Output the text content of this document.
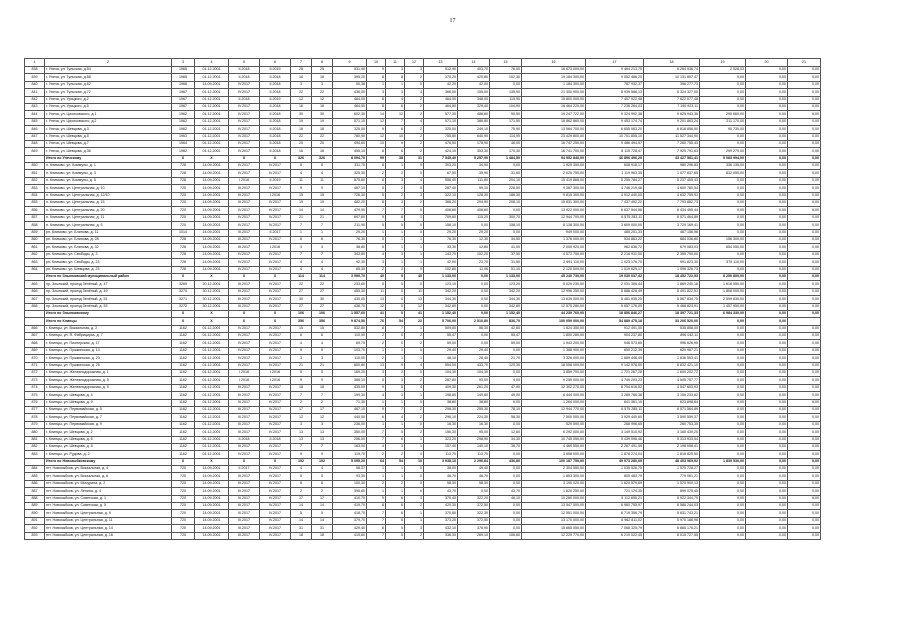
17
1	2	3	4	5	6	7	8	9	10	11	12	13	14	15	16	17	18	19	20	21
838	г. Унеча, ул. Тульская, д.54	1965	01.12.2001	II.2018	II.2019	25	25	531,90	9	3	3	512,90	403,70	76,00	16 673 000,00	9 464 213,75	6 264 936,74	2 528,03	0,00	0,00
839	г. Унеча, ул. Тульская, д.58	1965	01.12.2001	II.2018	II.2018	18	18	395,20	8	8	2	370,20	420,80	102,30	19 184 300,00	9 052 486,20	10 131 807,47	0,00	0,00	0,00
840	г. Унеча, ул. Тульская, д.62	1966	14.09.2001	IV.2017	II.2018	3	3	50,38	1	1	0	42,20	42,00	0,00	1 184 300,00	787 932,37	396 277,73	0,00	0,00	0,00
841	г. Унеча, ул. Тульская, д.72	1967	01.12.2001	IV.2017	II.2018	22	22	436,00	3	3	4	366,00	155,00	135,90	21 300 900,00	8 939 586,13	6 324 327,00	0,00	0,00	0,00
842	г. Унеча, ул. Урицкого, д.2	1967	01.12.2001	II.2018	II.2019	12	12	464,00	8	4	2	464,00	348,00	115,90	15 800 000,00	7 457 922,48	7 622 077,48	0,00	0,00	0,00
843	г. Унеча, ул. Урицкого, д.5	1967	01.12.2001	IV.2017	II.2018	16	16	464,50	8	6	2	464,50	329,40	104,90	16 464 220,00	7 236 264,03	7 190 923,11	0,00	0,00	0,00
844	г. Унеча, ул. Циолковского, д.1	1962	01.12.2001	IV.2017	II.2018	30	30	602,30	14	12	2	577,30	486,60	90,50	19 247 722,00	9 324 992,38	9 625 943,36	290 660,00	0,00	0,00
845	г. Унеча, ул. Циолковского, д.2	1962	01.12.2001	IV.2017	II.2018	19	19	571,10	12	7	4	571,10	386,80	171,50	18 862 860,00	9 453 174,74	9 201 863,24	211 170,00	0,00	0,00
846	г. Унеча, ул. Шевцова, д.3	1962	01.12.2001	IV.2017	II.2018	18	18	325,00	9	6	2	325,00	249,10	75,90	13 564 700,00	6 655 063,20	6 818 856,50	90 730,00	0,00	0,00
847	г. Унеча, ул. Шевцова, д.5	1963	01.12.2001	IV.2017	II.2018	22	22	780,90	12	10	2	755,80	640,90	114,90	23 429 800,00	10 701 855,10	11 527 344,90	0,00	0,00	0,00
848	г. Унеча, ул. Шевцова, д.7	1964	01.12.2001	IV.2017	II.2018	20	20	494,60	10	9	2	476,50	178,90	46,00	16 747 250,00	9 486 494,57	7 260 755,43	0,00	0,00	0,00
849	г. Унеча, ул. Шевцова, д.36	1962	01.12.2001	IV.2017	II.2018	16	16	455,10	6	6	2	424,10	353,30	170,30	16 741 700,00	8 115 728,47	7 925 791,63	299 279,00	0,00	0,00
	Итого по Унечскому	X	X	X	X	326	326	8 094,70	99	38	31	7 545,40	5 257,90	1 484,50	94 952 840,00	46 896 496,29	43 427 581,41	5 083 994,00	0,00	0,00
850	п. Климово, ул. Коммуны, д. 1	728	14.09.2001	IV.2017	IV.2017	8	8	311,70	8	1	0	303,20	34,90	0,00	1 925 350,00	608 918,17	980 296,83	336 135,00	0,00	0,00
851	п. Климово, ул. Коммуны, д. 3	728	14.09.2001	IV.2017	IV.2017	4	4	325,30	2	2	0	67,50	35,90	31,60	2 025 750,00	1 119 963,35	1 077 837,65	832 050,00	0,00	0,00
852	п. Климово, ул. Коммуны, д. 5	728	14.09.2001	I.2018	II.2019	11	11	575,60	6	3	4	556,40	111,80	204,10	15 419 868,00	5 255 784,27	5 237 455,43	0,00	0,00	0,00
853	п. Климово, ул. Центральная, д. 10	720	14.09.2001	III.2017	IV.2017	9	9	467,10	5	2	5	287,40	99,10	228,50	9 367 300,00	4 746 219,46	4 600 780,54	0,00	0,00	0,00
854	п. Климово, ул. Центральная, д. 12/10	720	14.09.2001	III.2017	I.2018	15	15	726,30	5	2	3	322,10	128,30	186,30	9 815 300,00	4 912 440,00	4 632 759,91	0,00	0,00	0,00
855	п. Климово, ул. Центральная, д. 15	720	14.09.2001	III.2017	IV.2017	19	19	482,20	8	3	2	368,20	294,90	208,10	15 831 300,00	7 437 492,22	7 793 882,73	0,00	0,00	0,00
856	п. Климово, ул. Центральная, д. 20	720	14.09.2001	IV.2017	IV.2017	14	14	479,90	7	7	0	406,60	406,60	0,00	13 922 000,00	6 637 544,56	6 434 455,44	0,00	0,00	0,00
857	п. Климово, ул. Центральная, д. 11	720	14.09.2001	IV.2017	IV.2017	21	21	697,60	9	8	1	709,60	115,20	300,70	12 944 700,00	6 575 283,11	6 571 464,89	0,00	0,00	0,00
858	п. Климово, ул. Центральная, д. 5	720	14.09.2001	IV.2017	IV.2017	7	7	211,90	5	5	0	158,10	0,00	158,10	8 138 300,00	3 609 000,00	3 729 169,41	0,00	0,00	0,00
859	рп. Климово, ул. Блинова, д. 11	1014	14.09.2001	III.2017	II.2017	1	1	29,20	1	1	0	29,20	29,20	0,00	949 000,00	485 201,33	467 156,96	0,00	0,00	0,00
860	рп. Климово, ул. Блинова, д. 28	728	14.09.2001	III.2017	IV.2017	6	6	76,30	5	1	1	76,30	12,30	34,50	1 376 000,00	534 863,22	684 036,80	156 300,00	0,00	0,00
861	рп. Климово, ул. Блинова, д. 32	728	14.09.2001	III.2017	I.2018	3	3	38,80	5	1	1	33,30	12,80	41,00	2 005 920,00	962 636,72	679 083,03	654 050,00	0,00	0,00
862	рп. Климово, ул. Свободы, д. 3	728	14.09.2001	IV.2017	IV.2017	7	7	343,80	4	3	1	143,70	102,20	37,50	4 572 750,00	2 216 931,00	2 355 790,00	0,00	0,00	0,00
863	рп. Климово, ул. Свободы, д. 23	728	14.09.2001	IV.2017	IV.2017	4	4	92,30	3	1	1	42,00	23,70	31,50	2 691 110,00	1 023 176,70	991 823,30	575 110,00	0,00	0,00
864	рп. Климово, ул. Шевцова, д. 23	728	14.09.2001	IV.2017	IV.2017	4	4	65,30	2	2	0	102,80	11,06	51,10	2 120 000,00	1 019 629,17	1 096 326,73	0,00	0,00	0,00
	Итого по Злынковский муниципальный район	X	X	X	X	114	114	3 999,70	40	9	40	1 133,00	0,00	1 133,00	45 240 730,00	19 030 037,42	18 452 722,53	8 250 800,00	0,00	0,00
865	пр. Злынский, проезд Зелёный, д. 47	3269	20.12.2001	III.2017	IV.2017	22	22	233,60	5	5	0	123,10	0,00	123,20	5 029 230,00	2 031 306,44	1 869 240,16	1 618 550,00	0,00	0,00
866	пр. Злынский, проезд Зелёный, д. 49	3270	30.12.2001	III.2017	IV.2017	27	27	455,30	11	0	11	342,20	0,00	342,20	12 996 250,00	5 686 428,49	5 491 822,51	1 808 000,00	0,00	0,00
867	пр. Злынский, проезд Зелёный, д. 51	3271	30.12.2001	III.2017	IV.2017	30	30	430,00	13	0	13	344,30	0,00	344,30	13 639 000,00	5 481 935,25	5 567 834,75	2 599 830,00	0,00	0,00
868	пр. Злынский, проезд Зелёный, д. 53	3272	30.12.2001	III.2017	IV.2017	27	27	438,70	12	0	12	342,80	0,00	342,80	12 575 280,00	5 657 176,09	5 468 823,91	1 457 950,00	0,00	0,00
	Итого по Злынковскому	X	X	X	X	106	106	1 557,60	41	0	41	1 152,40	0,00	1 152,40	44 239 760,00	18 856 846,27	18 397 721,33	6 984 330,00	0,00	0,00
	Итого по Клинцы	X	X	X	X	356	356	9 874,50	76	54	22	5 706,00	2 510,80	836,70	100 059 000,00	54 889 475,18	33 206 520,00	0,00	0,00	
866	г. Клинцы, ул. Вокзальная, д. 2	1162	01.12.2001	IV.2017	IV.2017	15	15	532,80	8	7	1	509,80	56,30	42,60	1 824 350,00	912 491,00	535 858,00	0,00	0,00	0,00
867	г. Клинцы, ул. Я. Фабрициуса, д. 7	1162	01.12.2001	IV.2017	IV.2017	6	6	110,90	2	0	2	55,47	0,00	55,47	1 800 280,00	904 237,80	896 042,11	0,00	0,00	0,00
868	г. Клинцы, ул. Пионерская, д. 17	1162	01.12.2001	IV.2017	IV.2017	4	4	69,70	2	0	2	59,00	0,00	59,00	1 943 200,00	946 573,65	996 626,95	0,00	0,00	0,00
869	г. Клинцы, ул. Пушкинская, д. 14	1162	01.12.2001	IV.2017	IV.2017	5	5	103,70	1	1	0	29,40	29,40	0,00	1 388 900,00	650 212,39	620 987,21	0,00	0,00	0,00
870	г. Клинцы, ул. Пушкинская, д. 23	1162	01.12.2001	IV.2017	IV.2017	3	3	110,00	2	1	1	48,10	26,40	21,70	3 326 000,00	1 689 446,49	1 636 553,41	0,00	0,00	0,00
871	г. Клинцы, ул. Пушкинская, д. 25	1162	01.12.2001	IV.2017	IV.2017	21	21	600,80	13	9	4	554,00	433,70	120,30	18 058 000,00	9 142 578,50	8 832 421,10	0,00	0,00	0,00
872	г. Клинцы, ул. Железнодорожная, д. 1	1162	01.12.2001	I.2018	I.2018	5	5	169,20	3	2	0	104,30	104,30	0,00	3 859 700,00	1 721 267,28	1 600 202,72	0,00	0,00	0,00
873	г. Клинцы, ул. Железнодорожная, д. 5	1162	01.12.2001	I.2018	I.2018	9	9	385,10	5	3	2	287,80	93,00	4,00	9 255 000,00	4 749 203,23	4 505 757,77	0,00	0,00	0,00
874	г. Клинцы, ул. Железнодорожная, д. 9	1162	01.12.2001	III.2017	IV.2017	18	18	435,09	9	5	4	409,30	261,20	47,90	12 302 270,00	6 754 616,52	4 547 653,93	0,00	0,00	0,00
875	г. Клинцы, ул. Шевцова, д. 4	1162	01.12.2001	III.2017	IV.2017	7	7	199,30	4	3	1	198,80	149,80	49,00	6 444 000,00	3 289 766,38	3 150 233,62	0,00	0,00	0,00
876	г. Клинцы, ул. Шевцова, д. 9	1162	01.12.2001	III.2017	IV.2017	2	2	71,30	1	1	0	38,80	38,80	0,00	1 264 000,00	641 361,10	623 698,84	0,00	0,00	0,00
877	г. Клинцы, ул. Первомайская, д. 5	1162	01.12.2001	III.2017	IV.2017	17	17	467,10	9	7	2	298,30	255,30	78,10	12 944 770,00	6 575 285,11	6 571 564,89	0,00	0,00	0,00
878	г. Клинцы, ул. Первомайская, д. 7	1162	01.12.2001	III.2017	IV.2017	12	12	440,50	6	4	2	296,10	224,30	58,30	7 500 000,00	3 929 440,60	3 590 559,37	0,00	0,00	0,00
879	г. Клинцы, ул. Первомайская, д. 9	1162	01.12.2001	III.2017	IV.2017	3	3	236,00	1	1	0	16,30	16,30	0,00	529 590,00	268 996,65	260 753,35	0,00	0,00	0,00
880	г. Клинцы, ул. Шевцова, д. 2	1162	01.12.2001	III.2017	IV.2017	13	13	350,00	7	5	2	156,30	95,00	12,60	6 292 000,00	3 149 510,92	3 160 439,20	0,00	0,00	0,00
881	г. Клинцы, ул. Шевцова, д. 6	1162	01.12.2001	II.2018	II.2018	13	13	256,00	7	6	1	323,20	298,90	34,30	10 745 050,00	5 439 096,46	5 313 933,54	0,00	0,00	0,00
882	г. Клинцы, ул. Шевцова, д. 8	1162	01.12.2001	III.2017	IV.2017	7	7	163,00	4	3	1	157,40	140,10	36,70	4 469 550,00	2 267 491,59	2 198 058,41	0,00	0,00	0,00
883	г. Клинцы, ул. Рудова, д. 2	1162	01.12.2001	IV.2017	IV.2017	9	9	119,70	2	2	0	113,70	113,70	0,00	3 658 000,00	1 876 274,04	1 816 825,50	0,00	0,00	0,00
	Итого по Новозыбковскому	X	X	X	X	192	192	5 095,20	64	54	10	3 938,10	2 296,84	436,80	100 187 750,00	49 973 280,09	48 403 969,92	1 839 530,00	0,00	0,00
884	пгт. Новозыбков, ул. Вокзальная, д. 4	720	14.09.2001	II.2017	IV.2017	4	4	58,37	1	1	0	38,00	49,40	0,00	2 304 550,00	1 035 526,75	1 575 728,27	0,00	0,00	0,00
885	пгт. Новозыбков, ул. Вокзальная, д. 6	720	14.09.2001	III.2017	IV.2017	5	5	93,30	1	1	0	48,70	48,70	0,00	1 853 300,00	805 483,79	779 061,21	0,00	0,00	0,00
886	пгт. Новозыбков, ул. Мичурина, д. 2	720	14.09.2001	III.2017	IV.2017	6	6	100,30	2	2	0	58,30	58,30	0,00	3 190 020,00	1 620 579,69	1 570 900,13	0,00	0,00	0,00
887	пгт. Новозыбков, ул. Ленина, д. 4	720	14.09.2001	III.2017	IV.2017	2	2	395,60	1	1	0	43,70	0,00	43,70	1 620 250,00	721 174,35	899 075,45	0,00	0,00	0,00
888	пгт. Новозыбков, ул. Советская, д. 1	720	14.09.2001	III.2017	IV.2017	17	17	410,70	9	6	3	370,40	322,20	48,10	10 280 000,00	5 112 655,21	5 922 344,79	0,00	0,00	0,00
889	пгт. Новозыбков, ул. Советская, д. 5	720	14.09.2001	III.2017	IV.2017	14	14	419,70	8	6	2	420,30	372,50	0,00	13 547 000,00	6 960 755,97	6 586 244,03	0,00	0,00	0,00
890	пгт. Новозыбков, ул. Центральная, д. 9	720	14.09.2001	III.2017	IV.2017	5	5	418,70	7	6	1	370,80	322,30	0,00	12 551 000,00	6 719 356,79	5 831 743,21	0,00	0,00	0,00
891	пгт. Новозыбков, ул. Центральная, д. 11	720	14.09.2001	III.2017	IV.2017	14	14	379,70	7	6	1	373,20	372,50	0,00	13 170 000,00	6 962 811,02	5 970 188,98	0,00	0,00	0,00
892	пгт. Новозыбков, ул. Центральная, д. 14	720	14.09.2001	III.2017	IV.2017	31	31	429,40	8	5	3	432,10	376,90	0,00	15 665 050,00	7 068 325,79	6 865 176,21	0,00	0,00	0,00
893	пгт. Новозыбков, ул. Центральная, д. 16	720	14.09.2001	III.2017	IV.2017	18	18	419,60	7	5	2	336,30	269,10	106,60	12 229 770,00	6 219 022,45	6 015 727,55	0,00	0,00	0,00
